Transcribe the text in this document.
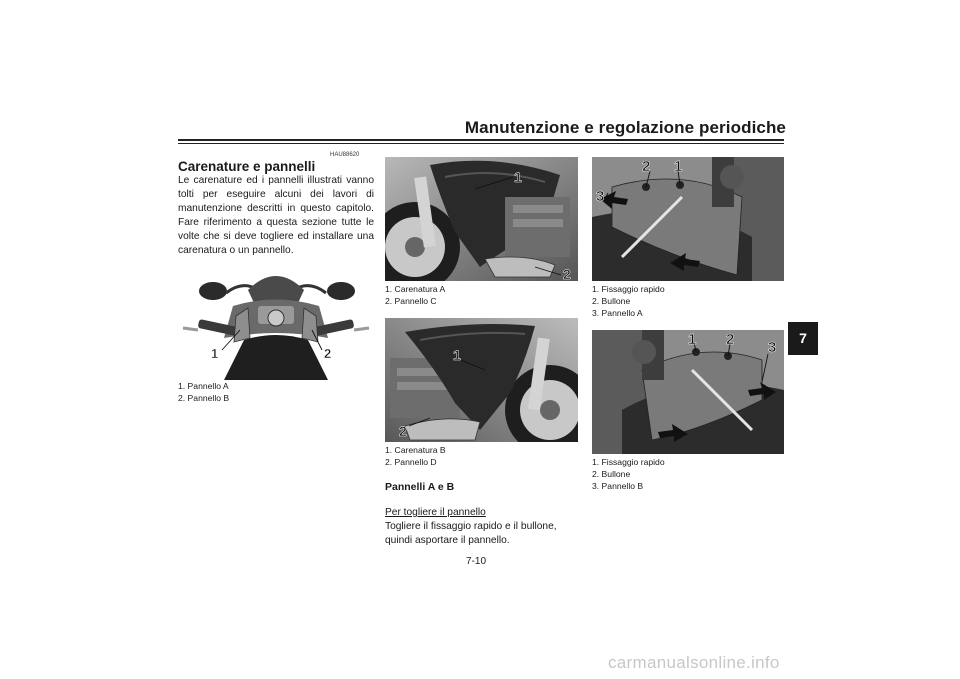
Manutenzione e regolazione periodiche
7
HAU88620
Carenature e pannelli
Le carenature ed i pannelli illustrati vanno tolti per eseguire alcuni dei lavori di manutenzione descritti in questo capitolo. Fare riferimento a questa sezione tutte le volte che si deve togliere ed installare una carenatura o un pannello.
1	2
1. Pannello A
2. Pannello B
1
2
1. Carenatura A
2. Pannello C
1
2
1. Carenatura B
2. Pannello D
Pannelli A e B
Per togliere il pannello
Togliere il fissaggio rapido e il bullone, quindi asportare il pannello.
2 1
3
1. Fissaggio rapido
2. Bullone
3. Pannello A
1 2 3
1. Fissaggio rapido
2. Bullone
3. Pannello B
7-10
carmanualsonline.info
